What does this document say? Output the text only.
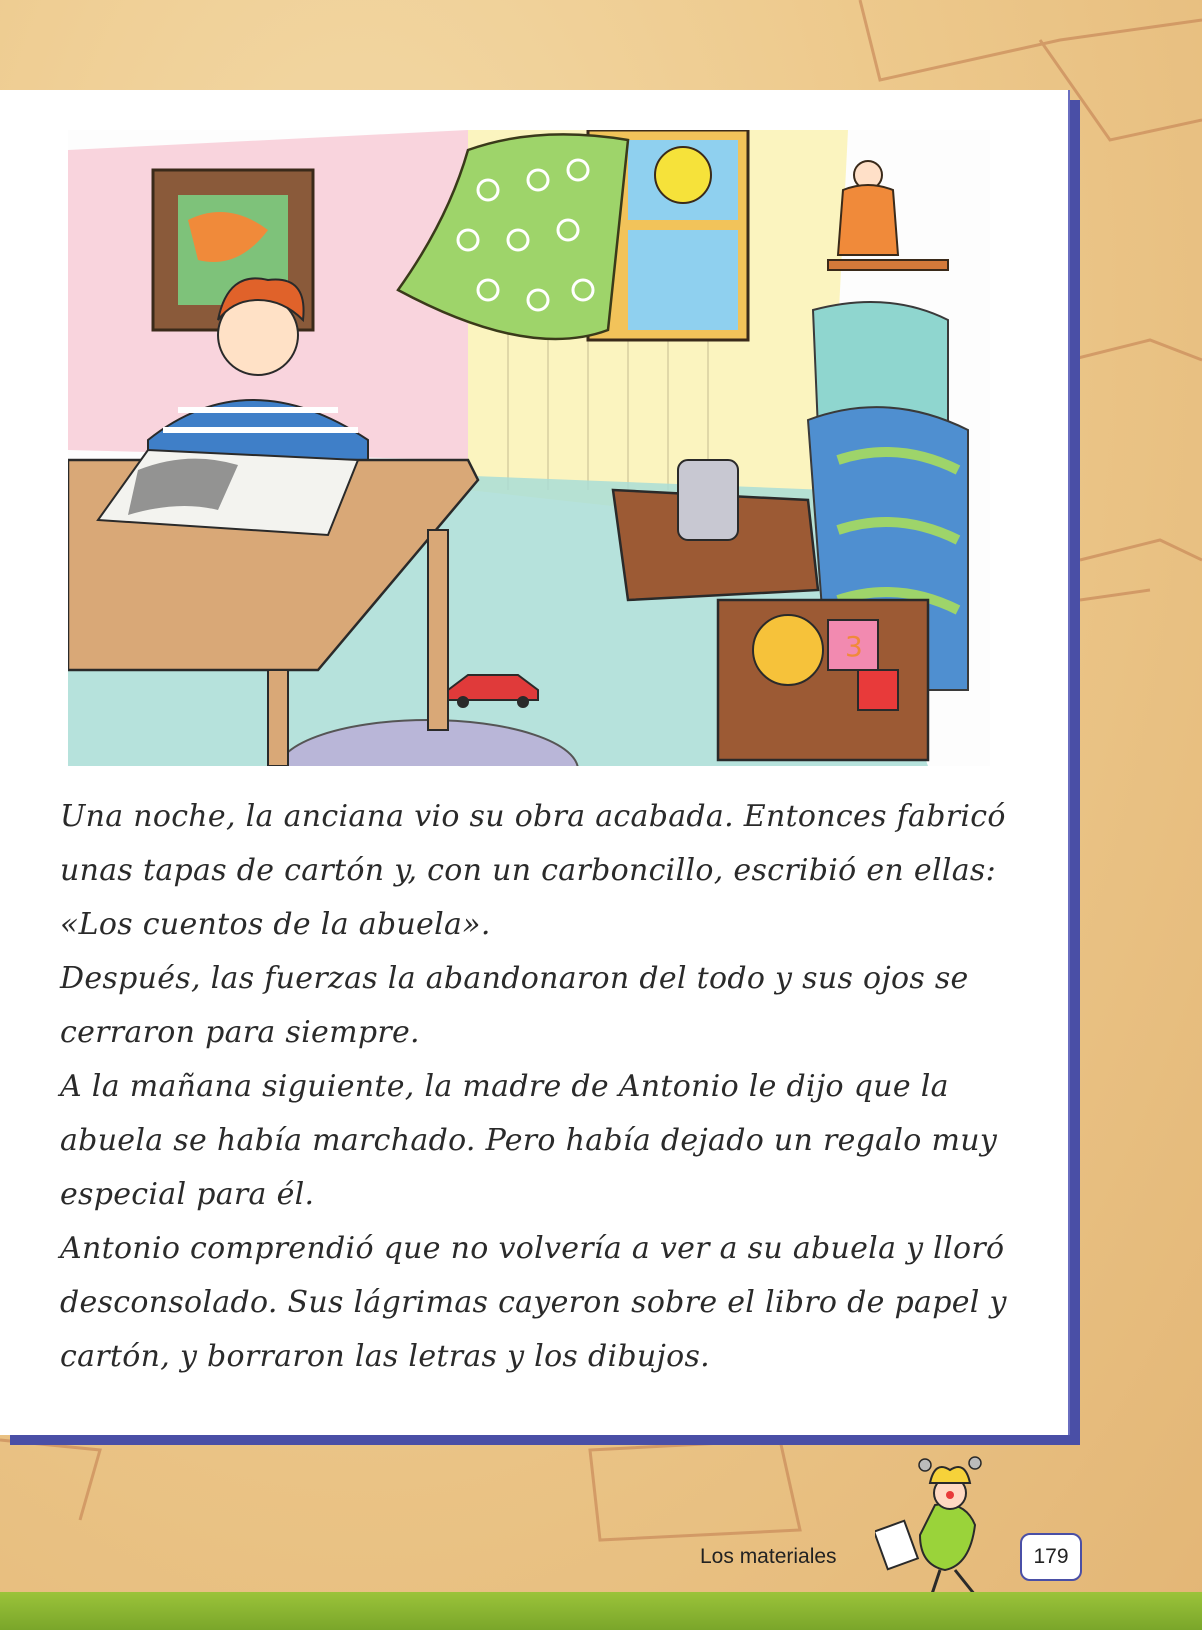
3

Una noche, la anciana vio su obra acabada. Entonces fabricó unas tapas de cartón y, con un carboncillo, escribió en ellas: «Los cuentos de la abuela».

Después, las fuerzas la abandonaron del todo y sus ojos se cerraron para siempre.

A la mañana siguiente, la madre de Antonio le dijo que la abuela se había marchado. Pero había dejado un regalo muy especial para él.

Antonio comprendió que no volvería a ver a su abuela y lloró desconsolado. Sus lágrimas cayeron sobre el libro de papel y cartón, y borraron las letras y los dibujos.

Los materiales	179
